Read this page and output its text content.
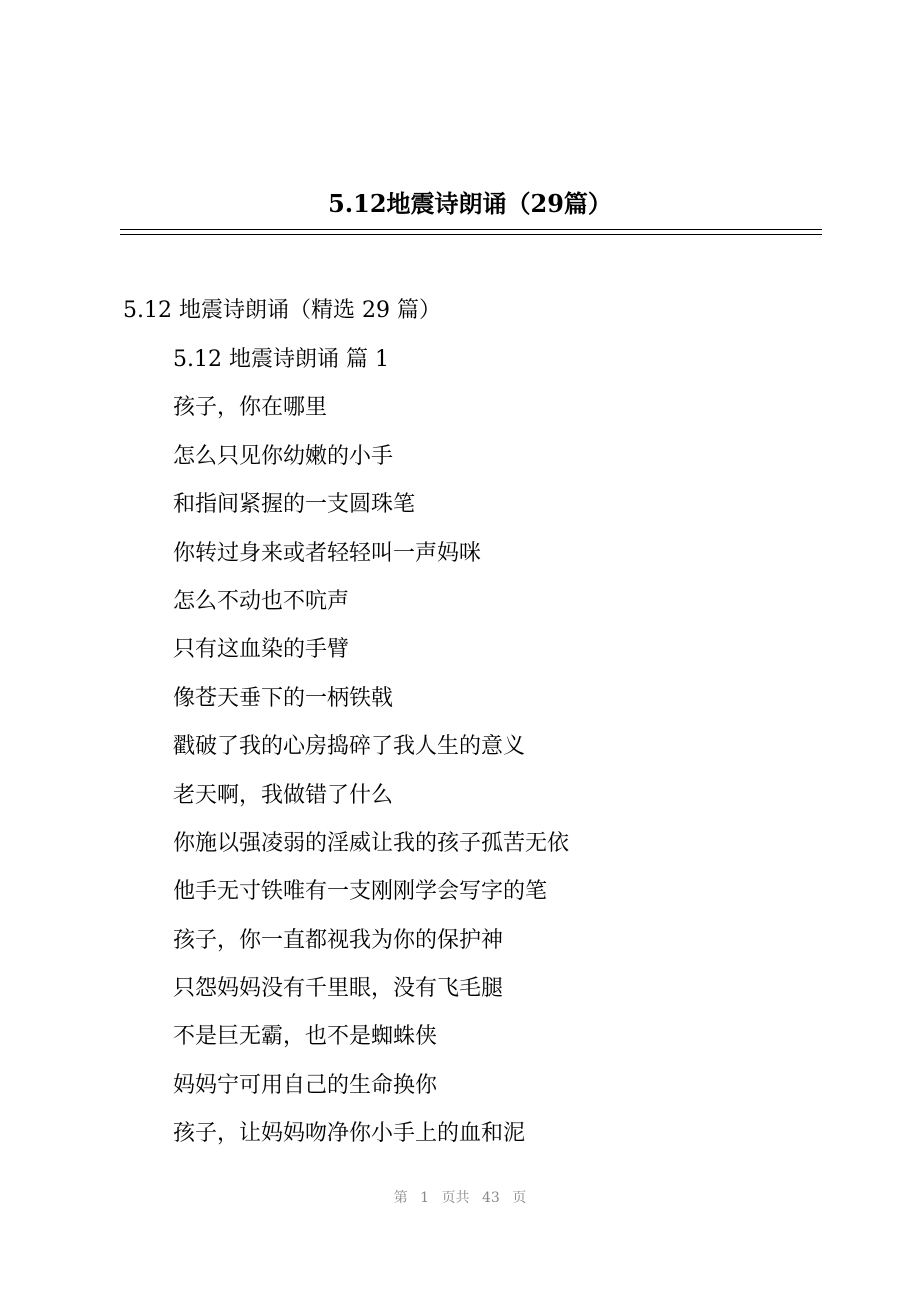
5.12地震诗朗诵（29篇）
5.12 地震诗朗诵（精选 29 篇）
5.12 地震诗朗诵 篇 1
孩子，你在哪里
怎么只见你幼嫩的小手
和指间紧握的一支圆珠笔
你转过身来或者轻轻叫一声妈咪
怎么不动也不吭声
只有这血染的手臂
像苍天垂下的一柄铁戟
戳破了我的心房捣碎了我人生的意义
老天啊，我做错了什么
你施以强凌弱的淫威让我的孩子孤苦无依
他手无寸铁唯有一支刚刚学会写字的笔
孩子，你一直都视我为你的保护神
只怨妈妈没有千里眼，没有飞毛腿
不是巨无霸，也不是蜘蛛侠
妈妈宁可用自己的生命换你
孩子，让妈妈吻净你小手上的血和泥
第 1 页共 43 页
